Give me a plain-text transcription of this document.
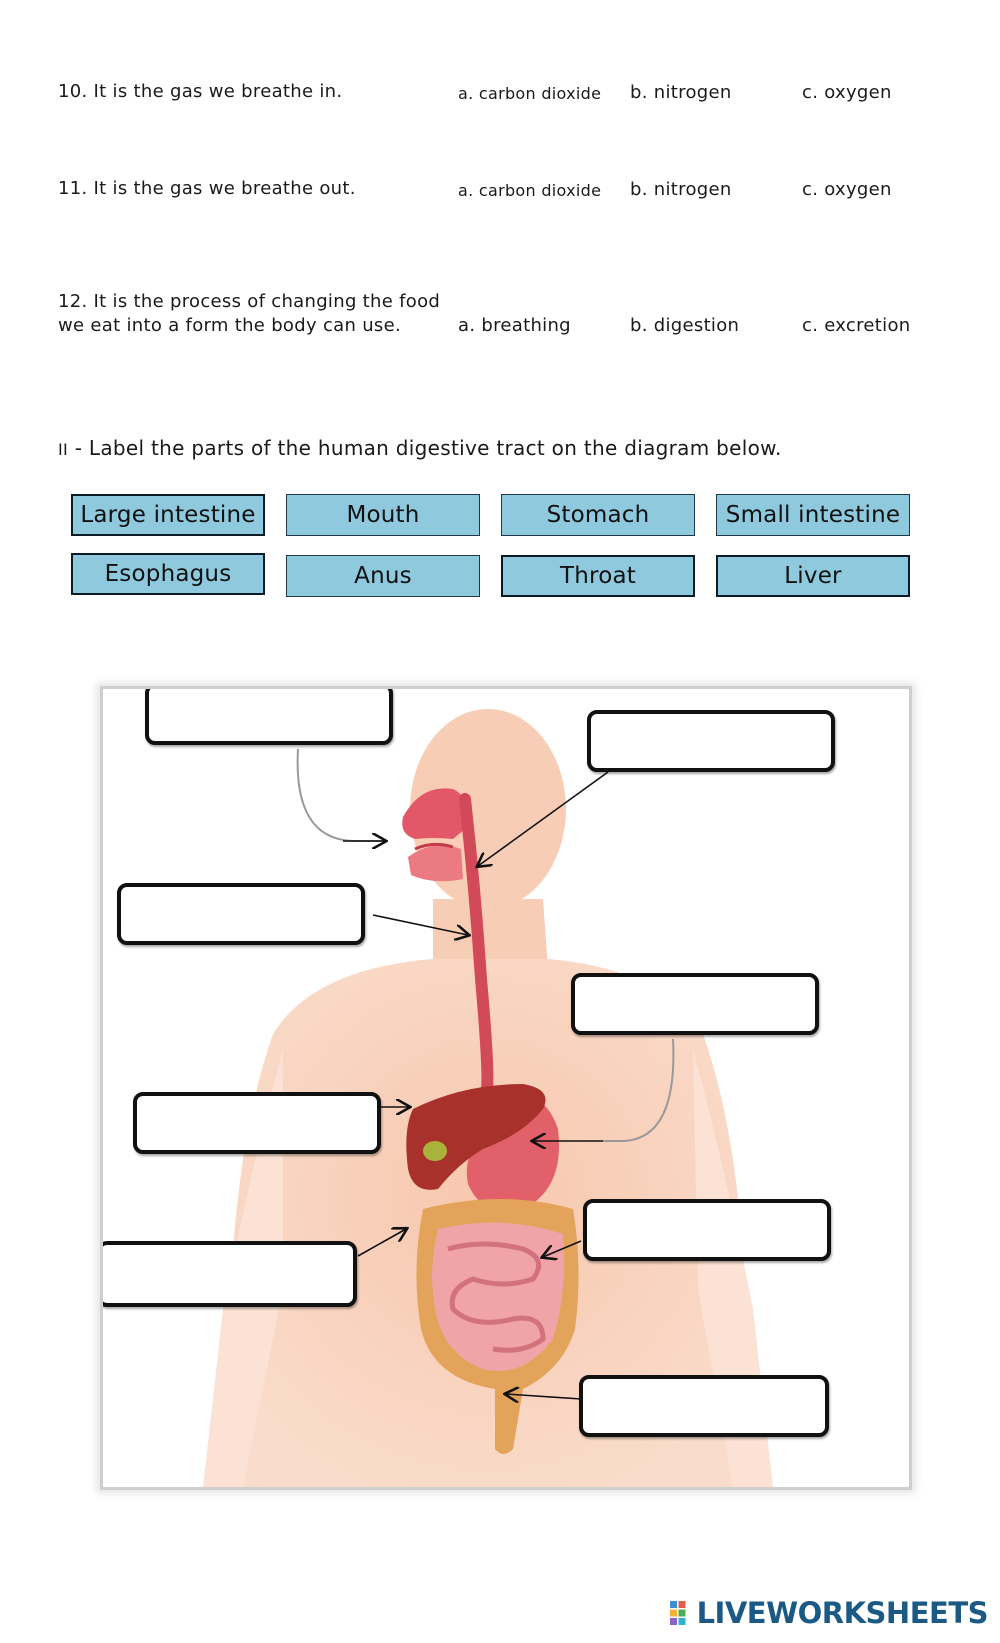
10. It is the gas we breathe in.	a. carbon dioxide b. nitrogen	c. oxygen
11. It is the gas we breathe out.	a. carbon dioxide b. nitrogen	c. oxygen
12. It is the process of changing the food
we eat into a form the body can use.	a. breathing	b. digestion	c. excretion
II - Label the parts of the human digestive tract on the diagram below.
Large intestine	Mouth	Stomach	Small intestine
Esophagus	Anus	Throat	Liver
LIVEWORKSHEETS
